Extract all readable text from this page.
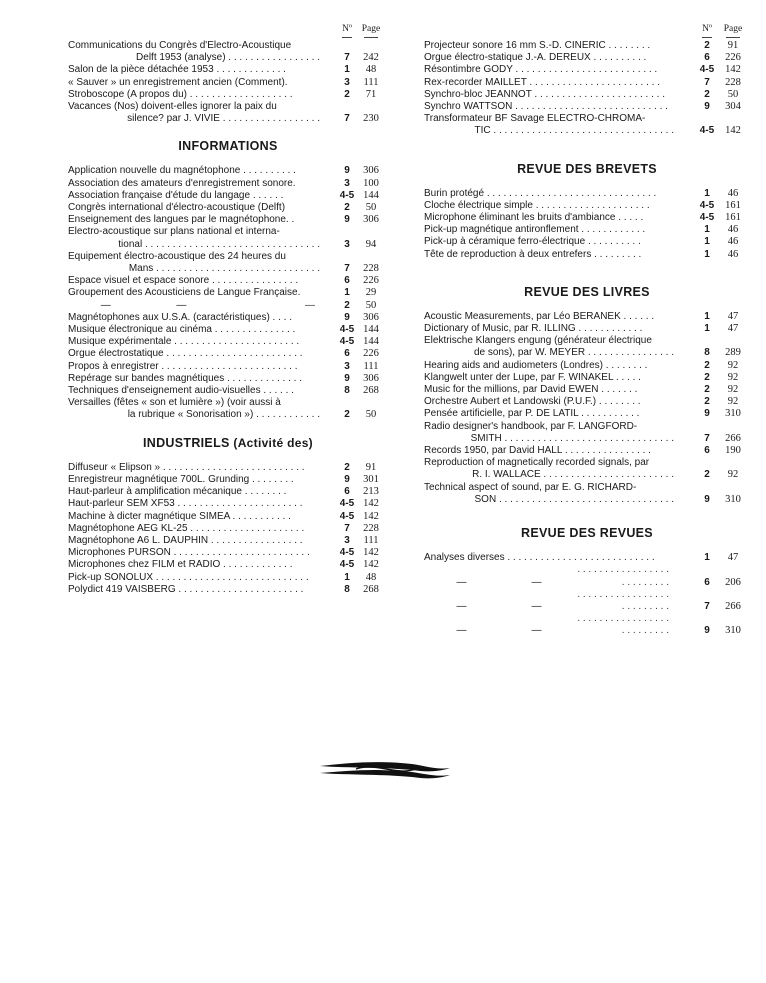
Nº	Page
Communications du Congrès d'Electro-Acoustique
Delft 1953 (analyse) . . . . . . . . . . . . . . . . .	7	242
Salon de la pièce détachée 1953 . . . . . . . . . . . . .	1	48
« Sauver » un enregistrement ancien (Comment).	3	111
Stroboscope (A propos du) . . . . . . . . . . . . . . . . . . .	2	71
Vacances (Nos) doivent-elles ignorer la paix du
silence? par J. VIVIE . . . . . . . . . . . . . . . . . .	7	230
INFORMATIONS
Application nouvelle du magnétophone . . . . . . . . . .	9	306
Association des amateurs d'enregistrement sonore.	3	100
Association française d'étude du langage . . . . . .	4-5 144
Congrès international d'électro-acoustique (Delft)	2	50
Enseignement des langues par le magnétophone. .	9	306
Electro-acoustique sur plans national et interna-
tional . . . . . . . . . . . . . . . . . . . . . . . . . . . . . . . .	3	94
Equipement électro-acoustique des 24 heures du
Mans . . . . . . . . . . . . . . . . . . . . . . . . . . . . . .	7	228
Espace visuel et espace sonore . . . . . . . . . . . . . . . .	6	226
Groupement des Acousticiens de Langue Française.	1	29
—	—	—	2	50
Magnétophones aux U.S.A. (caractéristiques) . . . .	9	306
Musique électronique au cinéma . . . . . . . . . . . . . . .	4-5 144
Musique expérimentale . . . . . . . . . . . . . . . . . . . . . . .	4-5 144
Orgue électrostatique . . . . . . . . . . . . . . . . . . . . . . . . .	6	226
Propos à enregistrer . . . . . . . . . . . . . . . . . . . . . . . . .	3	111
Repérage sur bandes magnétiques . . . . . . . . . . . . . .	9	306
Techniques d'enseignement audio-visuelles . . . . . .	8	268
Versailles (fêtes « son et lumière ») (voir aussi à
la rubrique « Sonorisation ») . . . . . . . . . . . .	2	50
INDUSTRIELS (Activité des)
Diffuseur « Elipson » . . . . . . . . . . . . . . . . . . . . . . . . . .	2	91
Enregistreur magnétique 700L. Grunding . . . . . . . .	9	301
Haut-parleur à amplification mécanique . . . . . . . .	6	213
Haut-parleur SEM XF53 . . . . . . . . . . . . . . . . . . . . . . .	4-5 142
Machine à dicter magnétique SIMEA . . . . . . . . . . .	4-5 142
Magnétophone AEG KL-25 . . . . . . . . . . . . . . . . . . . . .	7	228
Magnétophone A6 L. DAUPHIN . . . . . . . . . . . . . . . . .	3	111
Microphones PURSON . . . . . . . . . . . . . . . . . . . . . . . . .	4-5 142
Microphones chez FILM et RADIO . . . . . . . . . . . . .	4-5 142
Pick-up SONOLUX . . . . . . . . . . . . . . . . . . . . . . . . . . . .	1	48
Polydict 419 VAISBERG . . . . . . . . . . . . . . . . . . . . . . .	8	268
Nº	Page
Projecteur sonore 16 mm S.-D. CINERIC . . . . . . . .	2	91
Orgue électro-statique J.-A. DEREUX . . . . . . . . . .	6	226
Résontimbre GODY . . . . . . . . . . . . . . . . . . . . . . . . . .	4-5	142
Rex-recorder MAILLET . . . . . . . . . . . . . . . . . . . . . . . .	7	228
Synchro-bloc JEANNOT . . . . . . . . . . . . . . . . . . . . . . . .	2	50
Synchro WATTSON . . . . . . . . . . . . . . . . . . . . . . . . . . . .	9	304
Transformateur BF Savage ELECTRO-CHROMA-
TIC . . . . . . . . . . . . . . . . . . . . . . . . . . . . . . . . .	4-5	142
REVUE DES BREVETS
Burin protégé . . . . . . . . . . . . . . . . . . . . . . . . . . . . . . .	1	46
Cloche électrique simple . . . . . . . . . . . . . . . . . . . . .	4-5	161
Microphone éliminant les bruits d'ambiance . . . . .	4-5	161
Pick-up magnétique antironflement . . . . . . . . . . . .	1	46
Pick-up à céramique ferro-électrique . . . . . . . . . .	1	46
Tête de reproduction à deux entrefers . . . . . . . . .	1	46
REVUE DES LIVRES
Acoustic Measurements, par Léo BERANEK . . . . . .	1	47
Dictionary of Music, par R. ILLING . . . . . . . . . . . .	1	47
Elektrische Klangers engung (générateur électrique
de sons), par W. MEYER . . . . . . . . . . . . . . . .	8	289
Hearing aids and audiometers (Londres) . . . . . . . .	2	92
Klangwelt unter der Lupe, par F. WINAKEL . . . . .	2	92
Music for the millions, par David EWEN . . . . . . .	2	92
Orchestre Aubert et Landowski (P.U.F.) . . . . . . . .	2	92
Pensée artificielle, par P. DE LATIL . . . . . . . . . . .	9	310
Radio designer's handbook, par F. LANGFORD-
SMITH . . . . . . . . . . . . . . . . . . . . . . . . . . . . . . .	7	266
Records 1950, par David HALL . . . . . . . . . . . . . . . .	6	190
Reproduction of magnetically recorded signals, par
R. I. WALLACE . . . . . . . . . . . . . . . . . . . . . . . .	2	92
Technical aspect of sound, par E. G. RICHARD-
SON . . . . . . . . . . . . . . . . . . . . . . . . . . . . . . . .	9	310
REVUE DES REVUES
Analyses diverses . . . . . . . . . . . . . . . . . . . . . . . . . . .	1	47
—	—. . . . . . . . . . . . . . . . . . . . . . . . . .	6	206
—	—. . . . . . . . . . . . . . . . . . . . . . . . . .	7	266
—	—. . . . . . . . . . . . . . . . . . . . . . . . . .	9	310
